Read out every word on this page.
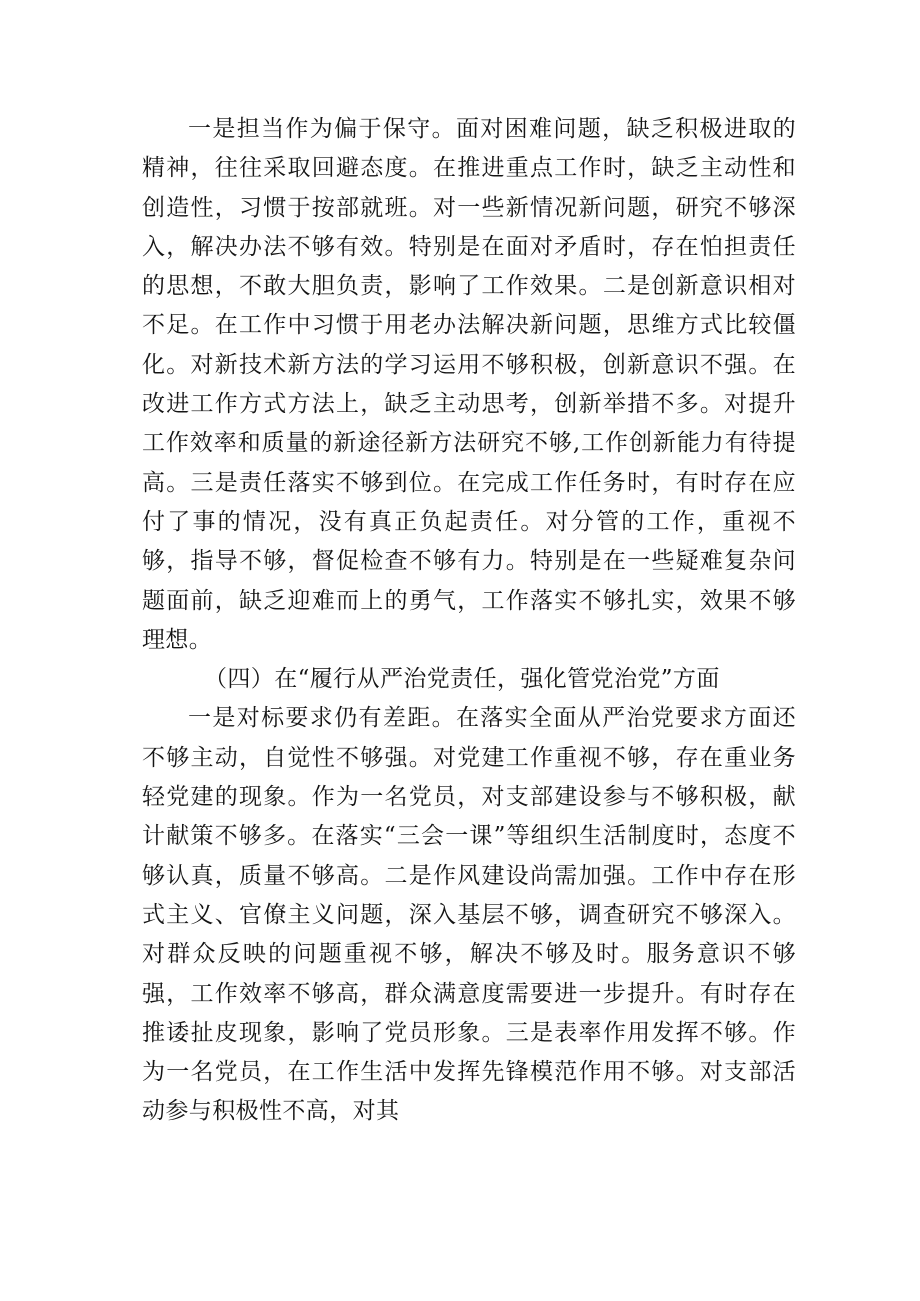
一是担当作为偏于保守。面对困难问题，缺乏积极进取的精神，往往采取回避态度。在推进重点工作时，缺乏主动性和创造性，习惯于按部就班。对一些新情况新问题，研究不够深入，解决办法不够有效。特别是在面对矛盾时，存在怕担责任的思想，不敢大胆负责，影响了工作效果。二是创新意识相对不足。在工作中习惯于用老办法解决新问题，思维方式比较僵化。对新技术新方法的学习运用不够积极，创新意识不强。在改进工作方式方法上，缺乏主动思考，创新举措不多。对提升工作效率和质量的新途径新方法研究不够,工作创新能力有待提高。三是责任落实不够到位。在完成工作任务时，有时存在应付了事的情况，没有真正负起责任。对分管的工作，重视不够，指导不够，督促检查不够有力。特别是在一些疑难复杂问题面前，缺乏迎难而上的勇气，工作落实不够扎实，效果不够理想。

（四）在“履行从严治党责任，强化管党治党”方面

一是对标要求仍有差距。在落实全面从严治党要求方面还不够主动，自觉性不够强。对党建工作重视不够，存在重业务轻党建的现象。作为一名党员，对支部建设参与不够积极，献计献策不够多。在落实“三会一课”等组织生活制度时，态度不够认真，质量不够高。二是作风建设尚需加强。工作中存在形式主义、官僚主义问题，深入基层不够，调查研究不够深入。对群众反映的问题重视不够，解决不够及时。服务意识不够强，工作效率不够高，群众满意度需要进一步提升。有时存在推诿扯皮现象，影响了党员形象。三是表率作用发挥不够。作为一名党员，在工作生活中发挥先锋模范作用不够。对支部活动参与积极性不高，对其
